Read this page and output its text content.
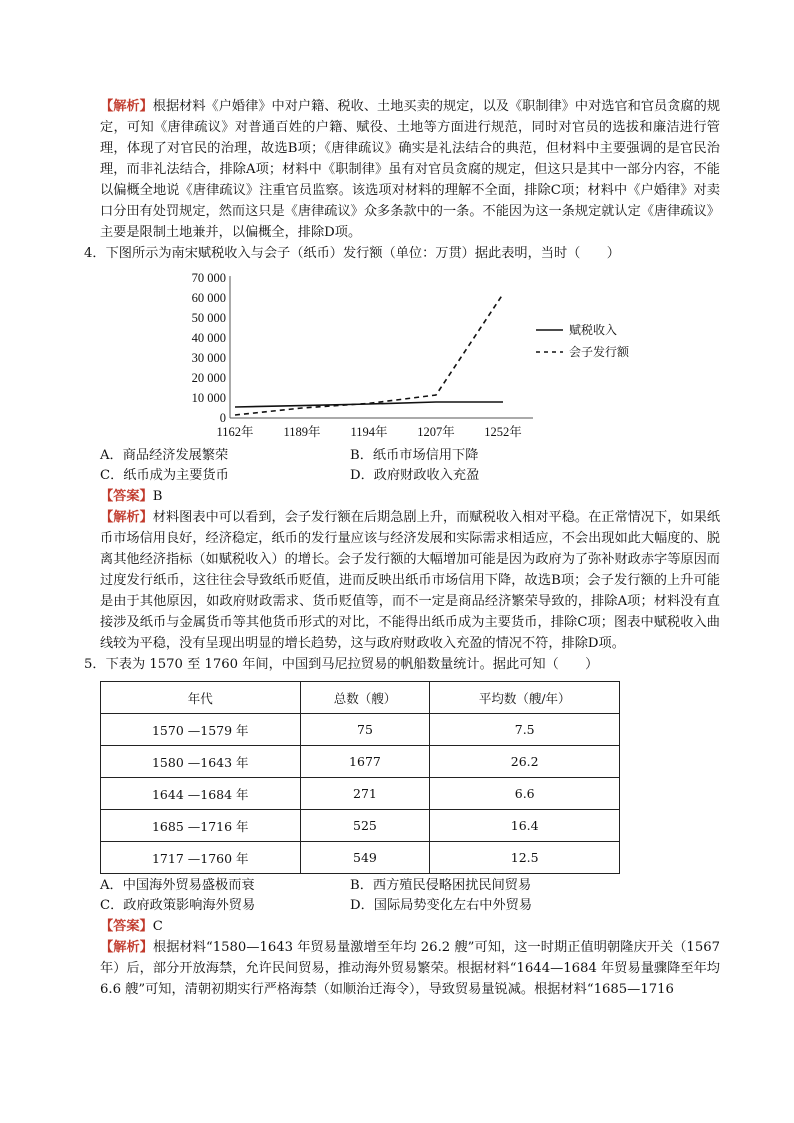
【解析】根据材料《户婚律》中对户籍、税收、土地买卖的规定，以及《职制律》中对选官和官员贪腐的规定，可知《唐律疏议》对普通百姓的户籍、赋役、土地等方面进行规范，同时对官员的选拔和廉洁进行管理，体现了对官民的治理，故选B项；《唐律疏议》确实是礼法结合的典范，但材料中主要强调的是官民治理，而非礼法结合，排除A项；材料中《职制律》虽有对官员贪腐的规定，但这只是其中一部分内容，不能以偏概全地说《唐律疏议》注重官员监察。该选项对材料的理解不全面，排除C项；材料中《户婚律》对卖口分田有处罚规定，然而这只是《唐律疏议》众多条款中的一条。不能因为这一条规定就认定《唐律疏议》主要是限制土地兼并，以偏概全，排除D项。

4．下图所示为南宋赋税收入与会子（纸币）发行额（单位：万贯）据此表明，当时（　　）

0
10 000
20 000
30 000
40 000
50 000
60 000
70 000
1162年 1189年 1194年 1207年 1252年
赋税收入
会子发行额
A．商品经济发展繁荣	B．纸币市场信用下降
C．纸币成为主要货币	D．政府财政收入充盈

【答案】B

【解析】材料图表中可以看到，会子发行额在后期急剧上升，而赋税收入相对平稳。在正常情况下，如果纸币市场信用良好，经济稳定，纸币的发行量应该与经济发展和实际需求相适应，不会出现如此大幅度的、脱离其他经济指标（如赋税收入）的增长。会子发行额的大幅增加可能是因为政府为了弥补财政赤字等原因而过度发行纸币，这往往会导致纸币贬值，进而反映出纸币市场信用下降，故选B项；会子发行额的上升可能是由于其他原因，如政府财政需求、货币贬值等，而不一定是商品经济繁荣导致的，排除A项；材料没有直接涉及纸币与金属货币等其他货币形式的对比，不能得出纸币成为主要货币，排除C项；图表中赋税收入曲线较为平稳，没有呈现出明显的增长趋势，这与政府财政收入充盈的情况不符，排除D项。

5．下表为 1570 至 1760 年间，中国到马尼拉贸易的帆船数量统计。据此可知（　　）

年代	总数（艘）	平均数（艘/年）
1570 —1579 年	75	7.5
1580 —1643 年	1677	26.2
1644 —1684 年	271	6.6
1685 —1716 年	525	16.4
1717 —1760 年	549	12.5
A．中国海外贸易盛极而衰	B．西方殖民侵略困扰民间贸易
C．政府政策影响海外贸易	D．国际局势变化左右中外贸易

【答案】C

【解析】根据材料“1580—1643 年贸易量激增至年均 26.2 艘”可知，这一时期正值明朝隆庆开关（1567年）后，部分开放海禁，允许民间贸易，推动海外贸易繁荣。根据材料“1644—1684 年贸易量骤降至年均 6.6 艘”可知，清朝初期实行严格海禁（如顺治迁海令），导致贸易量锐减。根据材料“1685—1716
